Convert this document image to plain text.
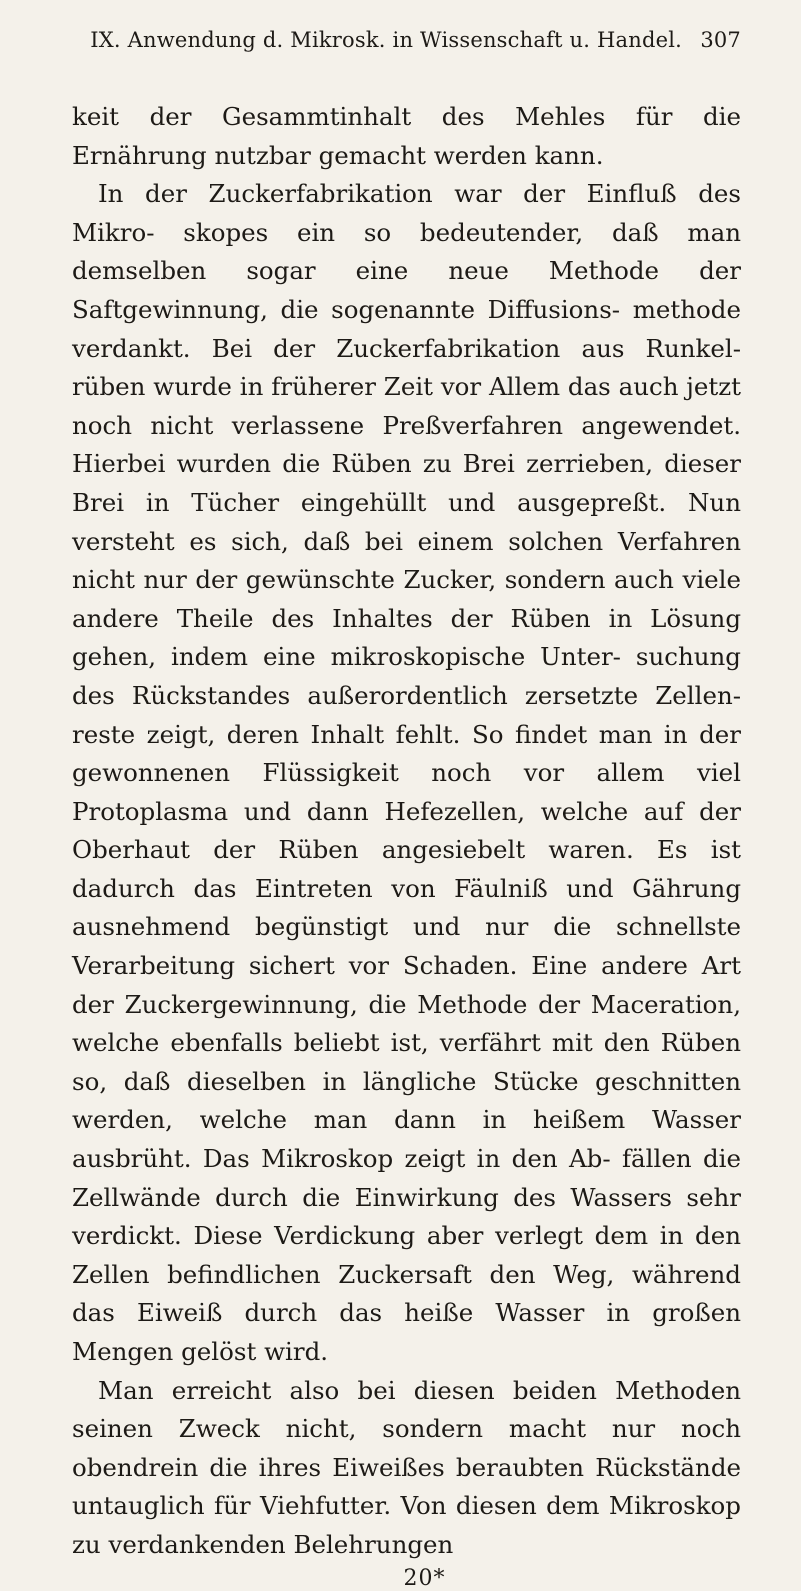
IX. Anwendung d. Mikrosk. in Wissenschaft u. Handel. 307

keit der Gesammtinhalt des Mehles für die Ernährung nutzbar gemacht werden kann.

In der Zuckerfabrikation war der Einfluß des Mikro- skopes ein so bedeutender, daß man demselben sogar eine neue Methode der Saftgewinnung, die sogenannte Diffusions- methode verdankt. Bei der Zuckerfabrikation aus Runkel- rüben wurde in früherer Zeit vor Allem das auch jetzt noch nicht verlassene Preßverfahren angewendet. Hierbei wurden die Rüben zu Brei zerrieben, dieser Brei in Tücher eingehüllt und ausgepreßt. Nun versteht es sich, daß bei einem solchen Verfahren nicht nur der gewünschte Zucker, sondern auch viele andere Theile des Inhaltes der Rüben in Lösung gehen, indem eine mikroskopische Unter- suchung des Rückstandes außerordentlich zersetzte Zellen- reste zeigt, deren Inhalt fehlt. So findet man in der gewonnenen Flüssigkeit noch vor allem viel Protoplasma und dann Hefezellen, welche auf der Oberhaut der Rüben angesiebelt waren. Es ist dadurch das Eintreten von Fäulniß und Gährung ausnehmend begünstigt und nur die schnellste Verarbeitung sichert vor Schaden. Eine andere Art der Zuckergewinnung, die Methode der Maceration, welche ebenfalls beliebt ist, verfährt mit den Rüben so, daß dieselben in längliche Stücke geschnitten werden, welche man dann in heißem Wasser ausbrüht. Das Mikroskop zeigt in den Ab- fällen die Zellwände durch die Einwirkung des Wassers sehr verdickt. Diese Verdickung aber verlegt dem in den Zellen befindlichen Zuckersaft den Weg, während das Eiweiß durch das heiße Wasser in großen Mengen gelöst wird.

Man erreicht also bei diesen beiden Methoden seinen Zweck nicht, sondern macht nur noch obendrein die ihres Eiweißes beraubten Rückstände untauglich für Viehfutter. Von diesen dem Mikroskop zu verdankenden Belehrungen

20*
